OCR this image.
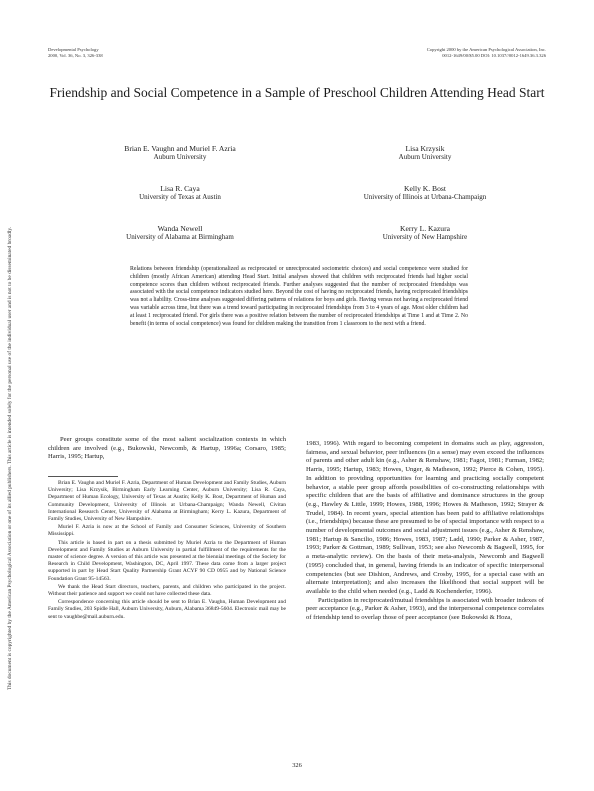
Developmental Psychology
2000, Vol. 36, No. 3, 326-338
Copyright 2000 by the American Psychological Association, Inc.
0012-1649/00/$5.00 DOI: 10.1037//0012-1649.36.3.326
Friendship and Social Competence in a Sample of Preschool Children Attending Head Start
Brian E. Vaughn and Muriel F. Azria
Auburn University
Lisa Krzysik
Auburn University
Lisa R. Caya
University of Texas at Austin
Kelly K. Bost
University of Illinois at Urbana-Champaign
Wanda Newell
University of Alabama at Birmingham
Kerry L. Kazura
University of New Hampshire
Relations between friendship (operationalized as reciprocated or unreciprocated sociometric choices) and social competence were studied for children (mostly African American) attending Head Start. Initial analyses showed that children with reciprocated friends had higher social competence scores than children without reciprocated friends. Further analyses suggested that the number of reciprocated friendships was associated with the social competence indicators studied here. Beyond the cost of having no reciprocated friends, having reciprocated friendships was not a liability. Cross-time analyses suggested differing patterns of relations for boys and girls. Having versus not having a reciprocated friend was variable across time, but there was a trend toward participating in reciprocated friendships from 3 to 4 years of age. Most older children had at least 1 reciprocated friend. For girls there was a positive relation between the number of reciprocated friendships at Time 1 and at Time 2. No benefit (in terms of social competence) was found for children making the transition from 1 classroom to the next with a friend.
This document is copyrighted by the American Psychological Association or one of its allied publishers. This article is intended solely for the personal use of the individual user and is not to be disseminated broadly.	Peer groups constitute some of the most salient socialization contexts in which children are involved (e.g., Bukowski, Newcomb, & Hartup, 1996a; Corsaro, 1985; Harris, 1995; Hartup,

Brian E. Vaughn and Muriel F. Azria, Department of Human Development and Family Studies, Auburn University; Lisa Krzysik, Birmingham Early Learning Center, Auburn University; Lisa R. Caya, Department of Human Ecology, University of Texas at Austin; Kelly K. Bost, Department of Human and Community Development, University of Illinois at Urbana-Champaign; Wanda Newell, Civitan International Research Center, University of Alabama at Birmingham; Kerry L. Kazura, Department of Family Studies, University of New Hampshire.

Muriel F. Azria is now at the School of Family and Consumer Sciences, University of Southern Mississippi.

This article is based in part on a thesis submitted by Muriel Azria to the Department of Human Development and Family Studies at Auburn University in partial fulfillment of the requirements for the master of science degree. A version of this article was presented at the biennial meetings of the Society for Research in Child Development, Washington, DC, April 1997. These data come from a larger project supported in part by Head Start Quality Partnership Grant ACYF 90 CD 0955 and by National Science Foundation Grant 95-14563.

We thank the Head Start directors, teachers, parents, and children who participated in the project. Without their patience and support we could not have collected these data.

Correspondence concerning this article should be sent to Brian E. Vaughn, Human Development and Family Studies, 203 Spidle Hall, Auburn University, Auburn, Alabama 36849-5604. Electronic mail may be sent to vaughbe@mail.auburn.edu.

1983, 1996). With regard to becoming competent in domains such as play, aggression, fairness, and sexual behavior, peer influences (in a sense) may even exceed the influences of parents and other adult kin (e.g., Asher & Renshaw, 1981; Fagot, 1981; Furman, 1982; Harris, 1995; Hartup, 1983; Howes, Unger, & Matheson, 1992; Pierce & Cohen, 1995). In addition to providing opportunities for learning and practicing socially competent behavior, a stable peer group affords possibilities of co-constructing relationships with specific children that are the basis of affiliative and dominance structures in the group (e.g., Hawley & Little, 1999; Howes, 1988, 1996; Howes & Matheson, 1992; Strayer & Trudel, 1984). In recent years, special attention has been paid to affiliative relationships (i.e., friendships) because these are presumed to be of special importance with respect to a number of developmental outcomes and social adjustment issues (e.g., Asher & Renshaw, 1981; Hartup & Sancilio, 1986; Howes, 1983, 1987; Ladd, 1990; Parker & Asher, 1987, 1993; Parker & Gottman, 1989; Sullivan, 1953; see also Newcomb & Bagwell, 1995, for a meta-analytic review). On the basis of their meta-analysis, Newcomb and Bagwell (1995) concluded that, in general, having friends is an indicator of specific interpersonal competencies (but see Dishion, Andrews, and Crosby, 1995, for a special case with an alternate interpretation); and also increases the likelihood that social support will be available to the child when needed (e.g., Ladd & Kochenderfer, 1996).

Participation in reciprocated/mutual friendships is associated with broader indexes of peer acceptance (e.g., Parker & Asher, 1993), and the interpersonal competence correlates of friendship tend to overlap those of peer acceptance (see Bukowski & Hoza,

326
